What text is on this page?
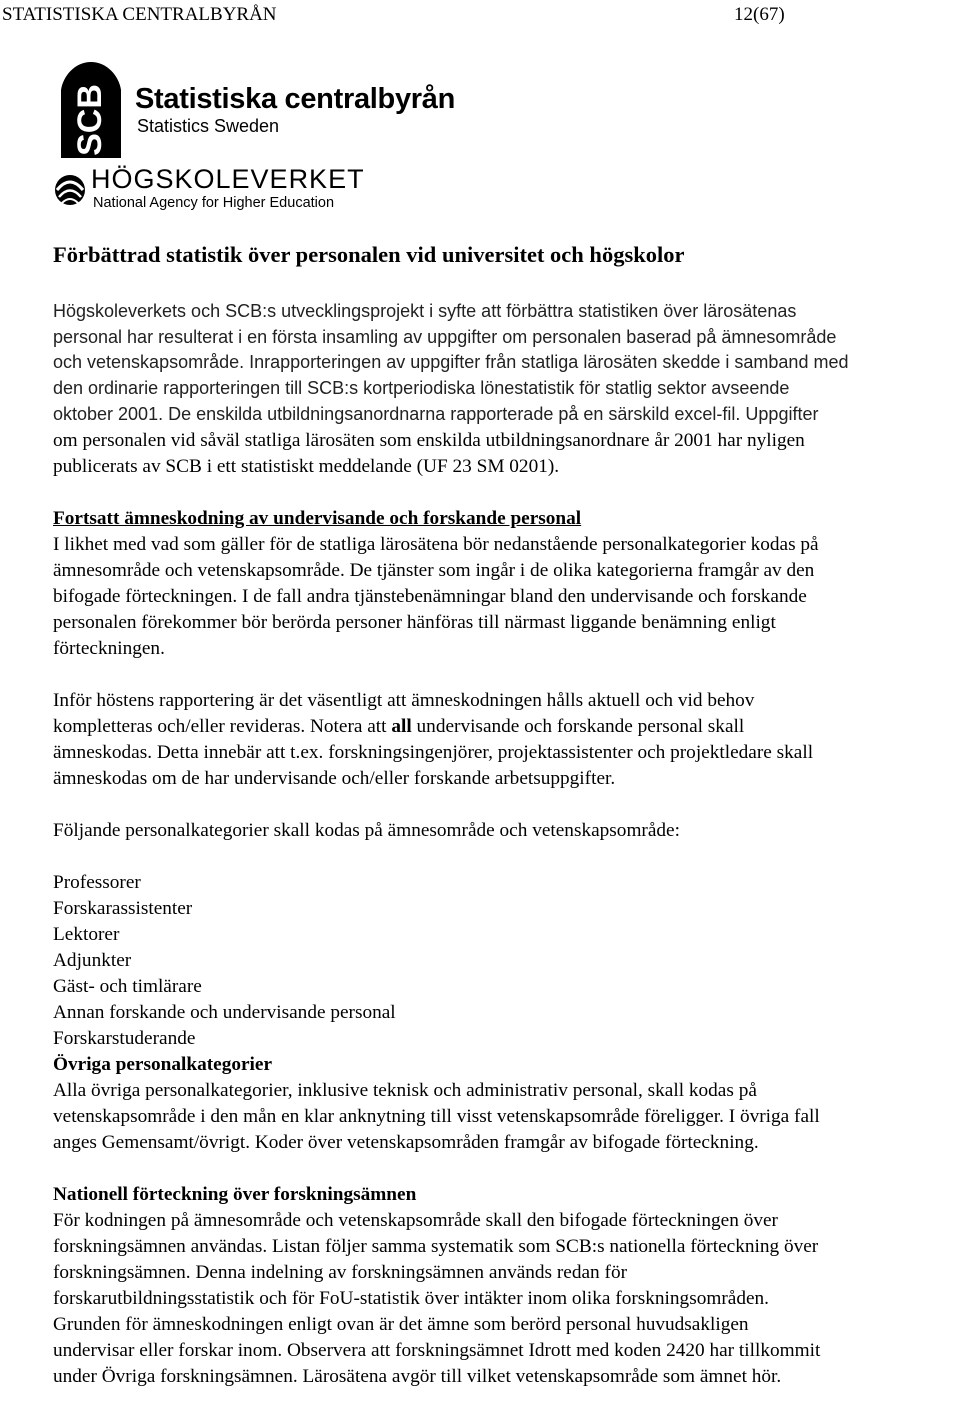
STATISTISKA CENTRALBYRÅN	12(67)
SCB Statistiska centralbyrån
Statistics Sweden
HÖGSKOLEVERKET
National Agency for Higher Education
Förbättrad statistik över personalen vid universitet och högskolor
Högskoleverkets och SCB:s utvecklingsprojekt i syfte att förbättra statistiken över lärosätenas
personal har resulterat i en första insamling av uppgifter om personalen baserad på ämnesområde
och vetenskapsområde. Inrapporteringen av uppgifter från statliga lärosäten skedde i samband med
den ordinarie rapporteringen till SCB:s kortperiodiska lönestatistik för statlig sektor avseende
oktober 2001. De enskilda utbildningsanordnarna rapporterade på en särskild excel-fil. Uppgifter
om personalen vid såväl statliga lärosäten som enskilda utbildningsanordnare år 2001 har nyligen
publicerats av SCB i ett statistiskt meddelande (UF 23 SM 0201).
Fortsatt ämneskodning av undervisande och forskande personal
I likhet med vad som gäller för de statliga lärosätena bör nedanstående personalkategorier kodas på
ämnesområde och vetenskapsområde. De tjänster som ingår i de olika kategorierna framgår av den
bifogade förteckningen. I de fall andra tjänstebenämningar bland den undervisande och forskande
personalen förekommer bör berörda personer hänföras till närmast liggande benämning enligt
förteckningen.
Inför höstens rapportering är det väsentligt att ämneskodningen hålls aktuell och vid behov
kompletteras och/eller revideras. Notera att all undervisande och forskande personal skall
ämneskodas. Detta innebär att t.ex. forskningsingenjörer, projektassistenter och projektledare skall
ämneskodas om de har undervisande och/eller forskande arbetsuppgifter.
Följande personalkategorier skall kodas på ämnesområde och vetenskapsområde:
Professorer
Forskarassistenter
Lektorer
Adjunkter
Gäst- och timlärare
Annan forskande och undervisande personal
Forskarstuderande
Övriga personalkategorier
Alla övriga personalkategorier, inklusive teknisk och administrativ personal, skall kodas på
vetenskapsområde i den mån en klar anknytning till visst vetenskapsområde föreligger. I övriga fall
anges Gemensamt/övrigt. Koder över vetenskapsområden framgår av bifogade förteckning.
Nationell förteckning över forskningsämnen
För kodningen på ämnesområde och vetenskapsområde skall den bifogade förteckningen över
forskningsämnen användas. Listan följer samma systematik som SCB:s nationella förteckning över
forskningsämnen. Denna indelning av forskningsämnen används redan för
forskarutbildningsstatistik och för FoU-statistik över intäkter inom olika forskningsområden.
Grunden för ämneskodningen enligt ovan är det ämne som berörd personal huvudsakligen
undervisar eller forskar inom. Observera att forskningsämnet Idrott med koden 2420 har tillkommit
under Övriga forskningsämnen. Lärosätena avgör till vilket vetenskapsområde som ämnet hör.
